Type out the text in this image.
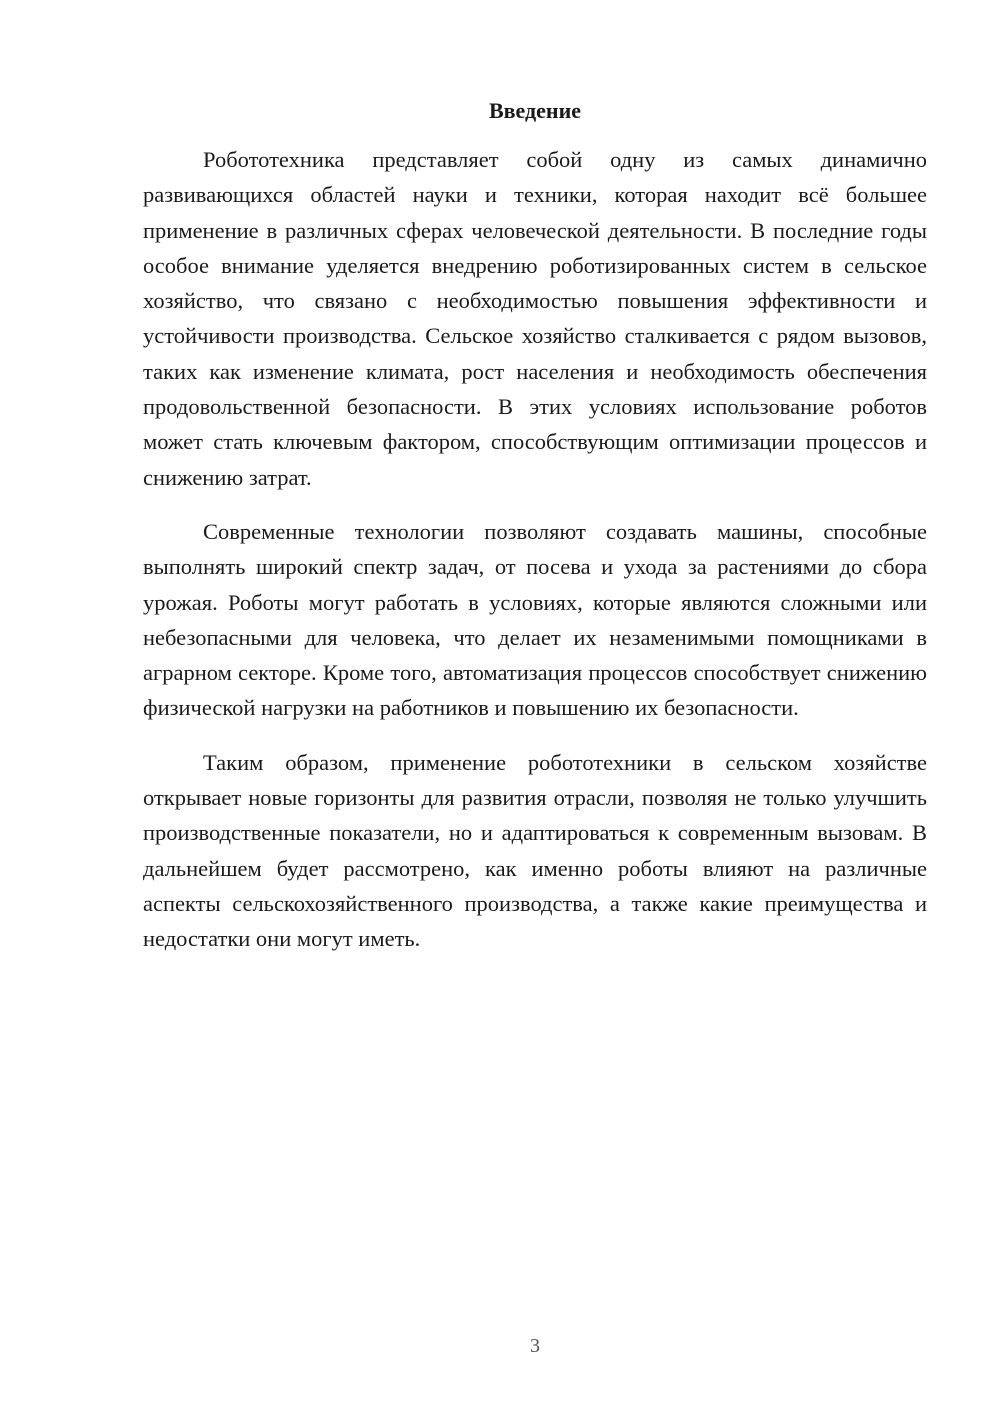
Введение

Робототехника представляет собой одну из самых динамично развивающихся областей науки и техники, которая находит всё большее применение в различных сферах человеческой деятельности. В последние годы особое внимание уделяется внедрению роботизированных систем в сельское хозяйство, что связано с необходимостью повышения эффективности и устойчивости производства. Сельское хозяйство сталкивается с рядом вызовов, таких как изменение климата, рост населения и необходимость обеспечения продовольственной безопасности. В этих условиях использование роботов может стать ключевым фактором, способствующим оптимизации процессов и снижению затрат.

Современные технологии позволяют создавать машины, способные выполнять широкий спектр задач, от посева и ухода за растениями до сбора урожая. Роботы могут работать в условиях, которые являются сложными или небезопасными для человека, что делает их незаменимыми помощниками в аграрном секторе. Кроме того, автоматизация процессов способствует снижению физической нагрузки на работников и повышению их безопасности.

Таким образом, применение робототехники в сельском хозяйстве открывает новые горизонты для развития отрасли, позволяя не только улучшить производственные показатели, но и адаптироваться к современным вызовам. В дальнейшем будет рассмотрено, как именно роботы влияют на различные аспекты сельскохозяйственного производства, а также какие преимущества и недостатки они могут иметь.

3
